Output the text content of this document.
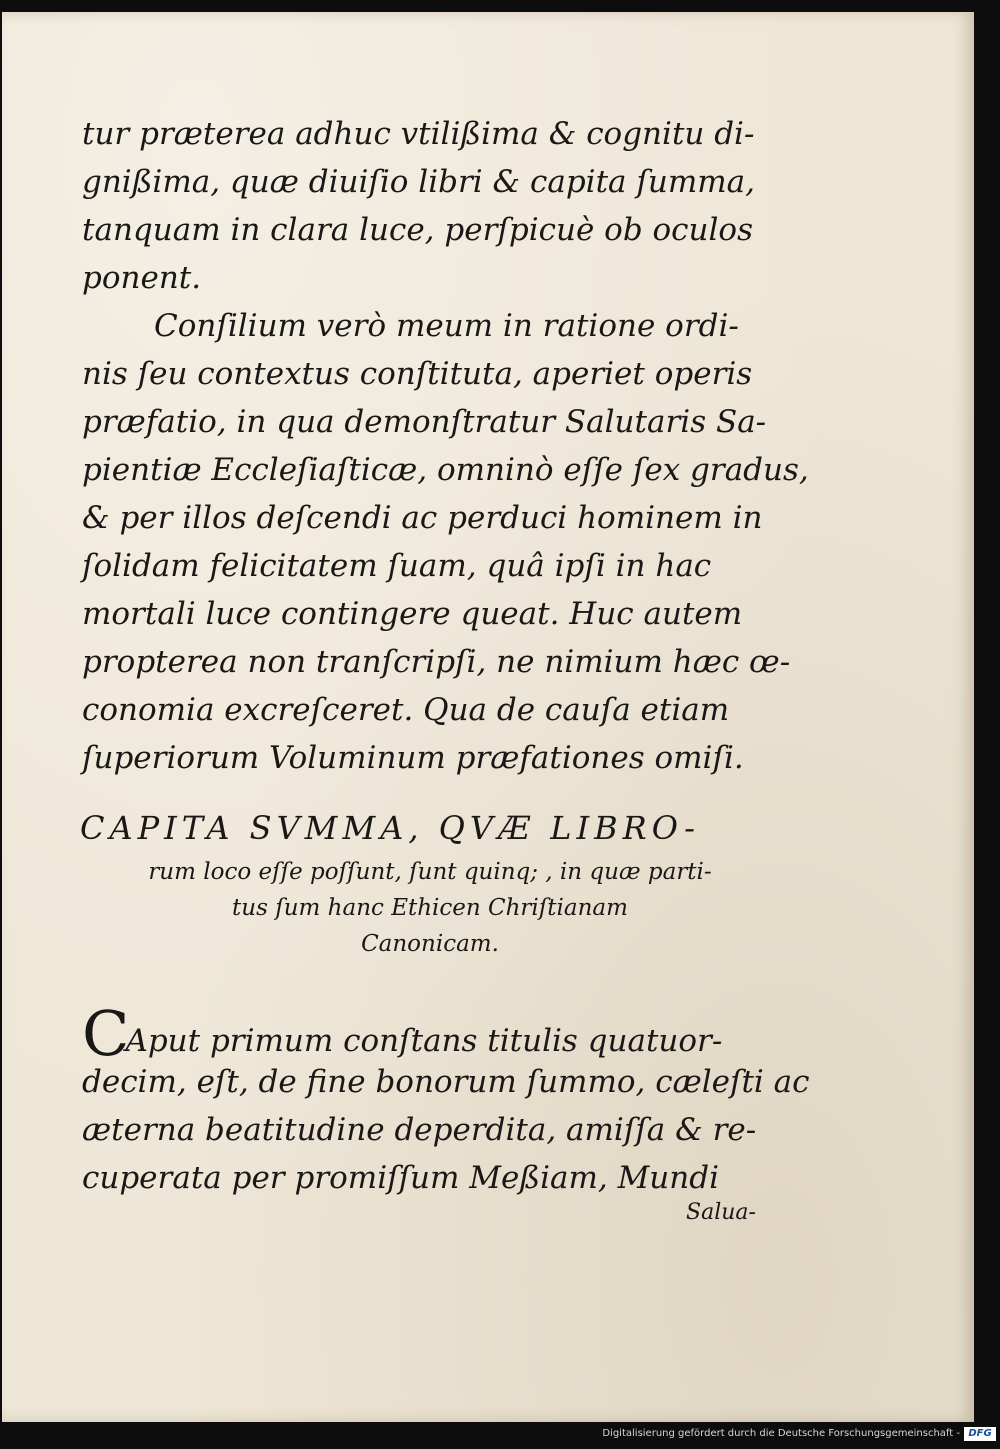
tur præterea adhuc vtilißima & cognitu di-
gnißima, quæ diuiſio libri & capita ſumma,
tanquam in clara luce, perſpicuè ob oculos
ponent.
Conſilium verò meum in ratione ordi-
nis ſeu contextus conſtituta, aperiet operis
præfatio, in qua demonſtratur Salutaris Sa-
pientiæ Eccleſiaſticæ, omninò eſſe ſex gradus,
& per illos deſcendi ac perduci hominem in
ſolidam felicitatem ſuam, quâ ipſi in hac
mortali luce contingere queat. Huc autem
propterea non tranſcripſi, ne nimium hæc œ-
conomia excreſceret. Qua de cauſa etiam
ſuperiorum Voluminum præfationes omiſi.
CAPITA SVMMA, QVÆ LIBRO-
rum loco eſſe poſſunt, ſunt quinq; , in quæ parti-
tus ſum hanc Ethicen Chriſtianam
Canonicam.
CAput primum conſtans titulis quatuor-
decim, eſt, de fine bonorum ſummo, cæleſti ac
æterna beatitudine deperdita, amiſſa & re-
cuperata per promiſſum Meßiam, Mundi
Salua-
Digitalisierung gefördert durch die Deutsche Forschungsgemeinschaft - DFG
